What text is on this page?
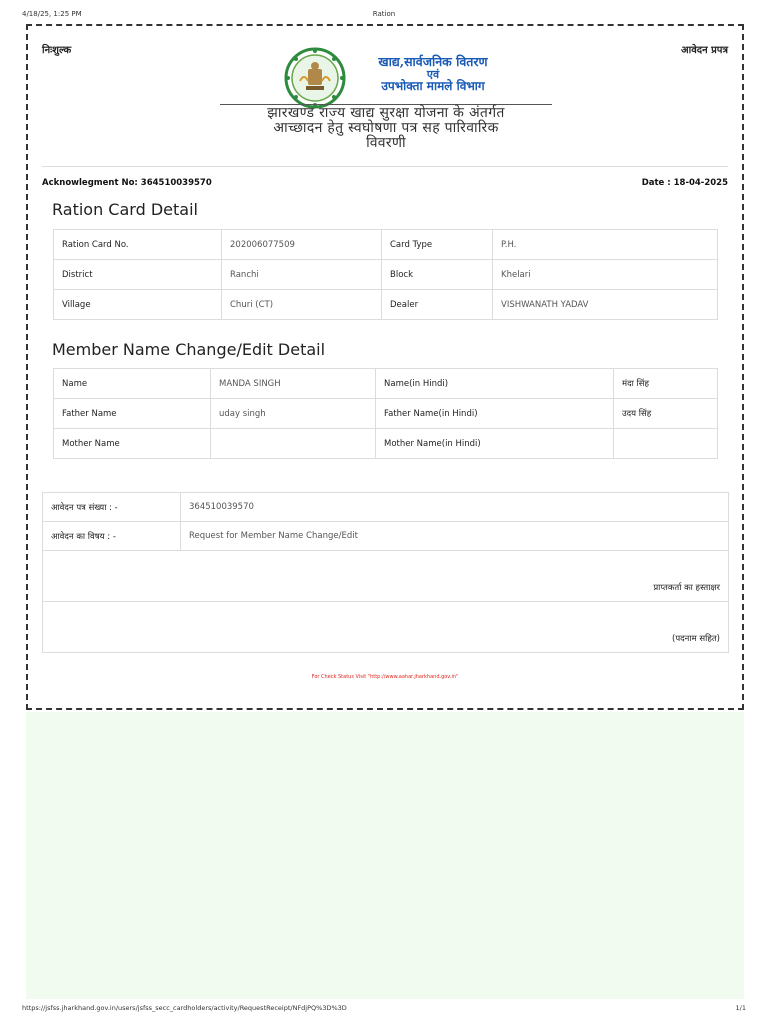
4/18/25, 1:25 PM	Ration
निःशुल्क	आवेदन प्रपत्र
खाद्य,सार्वजनिक वितरण
एवं
उपभोक्ता मामले विभाग
झारखण्ड राज्य खाद्य सुरक्षा योजना के अंतर्गत
आच्छादन हेतु स्वघोषणा पत्र सह पारिवारिक
विवरणी
Acknowlegment No: 364510039570	Date : 18-04-2025
Ration Card Detail
Ration Card No.	202006077509	Card Type	P.H.
District	Ranchi	Block	Khelari
Village	Churi (CT)	Dealer	VISHWANATH YADAV
Member Name Change/Edit Detail
Name	MANDA SINGH	Name(in Hindi)	मंदा सिंह
Father Name	uday singh	Father Name(in Hindi)	उदय सिंह
Mother Name		Mother Name(in Hindi)	
आवेदन पत्र संख्या : -	364510039570
आवेदन का विषय : -	Request for Member Name Change/Edit
प्राप्तकर्ता का हस्ताक्षर	
(पदनाम सहित)	
For Check Status Visit "http://www.aahar.jharkhand.gov.in"
https://jsfss.jharkhand.gov.in/users/jsfss_secc_cardholders/activity/RequestReceipt/NFdjPQ%3D%3D	1/1
